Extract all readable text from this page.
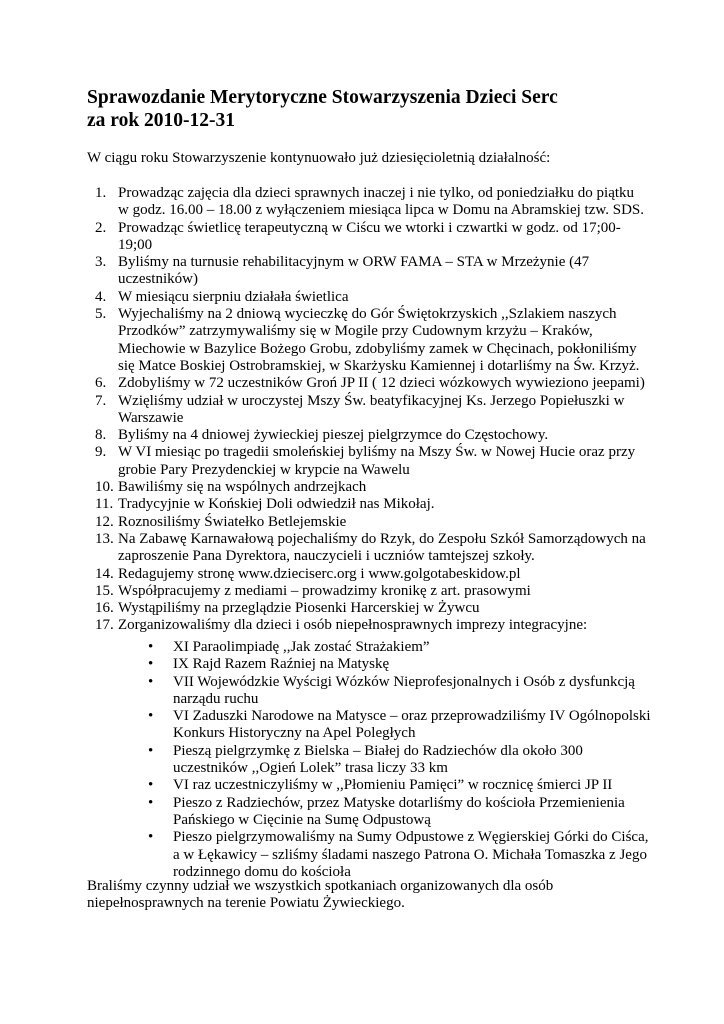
Sprawozdanie Merytoryczne Stowarzyszenia Dzieci Serc
za rok 2010-12-31

W ciągu roku Stowarzyszenie kontynuowało już dziesięcioletnią działalność:

1. Prowadząc zajęcia dla dzieci sprawnych inaczej i nie tylko, od poniedziałku do piątku w godz. 16.00 – 18.00 z wyłączeniem miesiąca lipca w Domu na Abramskiej tzw. SDS.
2. Prowadząc świetlicę terapeutyczną w Ciścu we wtorki i czwartki w godz. od 17;00-19;00
3. Byliśmy na turnusie rehabilitacyjnym w ORW FAMA – STA w Mrzeżynie (47 uczestników)
4. W miesiącu sierpniu działała świetlica
5. Wyjechaliśmy na 2 dniową wycieczkę do Gór Świętokrzyskich ,,Szlakiem naszych Przodków” zatrzymywaliśmy się w Mogile przy Cudownym krzyżu – Kraków, Miechowie w Bazylice Bożego Grobu, zdobyliśmy zamek w Chęcinach, pokłoniliśmy się Matce Boskiej Ostrobramskiej, w Skarżysku Kamiennej i dotarliśmy na Św. Krzyż.
6. Zdobyliśmy w 72 uczestników Groń JP II ( 12 dzieci wózkowych wywieziono jeepami)
7. Wzięliśmy udział w uroczystej Mszy Św. beatyfikacyjnej Ks. Jerzego Popiełuszki w Warszawie
8. Byliśmy na 4 dniowej żywieckiej pieszej pielgrzymce do Częstochowy.
9. W VI miesiąc po tragedii smoleńskiej byliśmy na Mszy Św. w Nowej Hucie oraz przy grobie Pary Prezydenckiej w krypcie na Wawelu
10. Bawiliśmy się na wspólnych andrzejkach
11. Tradycyjnie w Końskiej Doli odwiedził nas Mikołaj.
12. Roznosiliśmy Światełko Betlejemskie
13. Na Zabawę Karnawałową pojechaliśmy do Rzyk, do Zespołu Szkół Samorządowych na zaproszenie Pana Dyrektora, nauczycieli i uczniów tamtejszej szkoły.
14. Redagujemy stronę www.dzieciserc.org i www.golgotabeskidow.pl
15. Współpracujemy z mediami – prowadzimy kronikę z art. prasowymi
16. Wystąpiliśmy na przeglądzie Piosenki Harcerskiej w Żywcu
17. Zorganizowaliśmy dla dzieci i osób niepełnosprawnych imprezy integracyjne:
• XI Paraolimpiadę ,,Jak zostać Strażakiem”
• IX Rajd Razem Raźniej na Matyskę
• VII Wojewódzkie Wyścigi Wózków Nieprofesjonalnych i Osób z dysfunkcją narządu ruchu
• VI Zaduszki Narodowe na Matysce – oraz przeprowadziliśmy IV Ogólnopolski Konkurs Historyczny na Apel Poległych
• Pieszą pielgrzymkę z Bielska – Białej do Radziechów dla około 300 uczestników ,,Ogień Lolek” trasa liczy 33 km
• VI raz uczestniczyliśmy w ,,Płomieniu Pamięci” w rocznicę śmierci JP II
• Pieszo z Radziechów, przez Matyske dotarliśmy do kościoła Przemienienia Pańskiego w Cięcinie na Sumę Odpustową
• Pieszo pielgrzymowaliśmy na Sumy Odpustowe z Węgierskiej Górki do Ciśca, a w Łękawicy – szliśmy śladami naszego Patrona O. Michała Tomaszka z Jego rodzinnego domu do kościoła

Braliśmy czynny udział we wszystkich spotkaniach organizowanych dla osób niepełnosprawnych na terenie Powiatu Żywieckiego.
